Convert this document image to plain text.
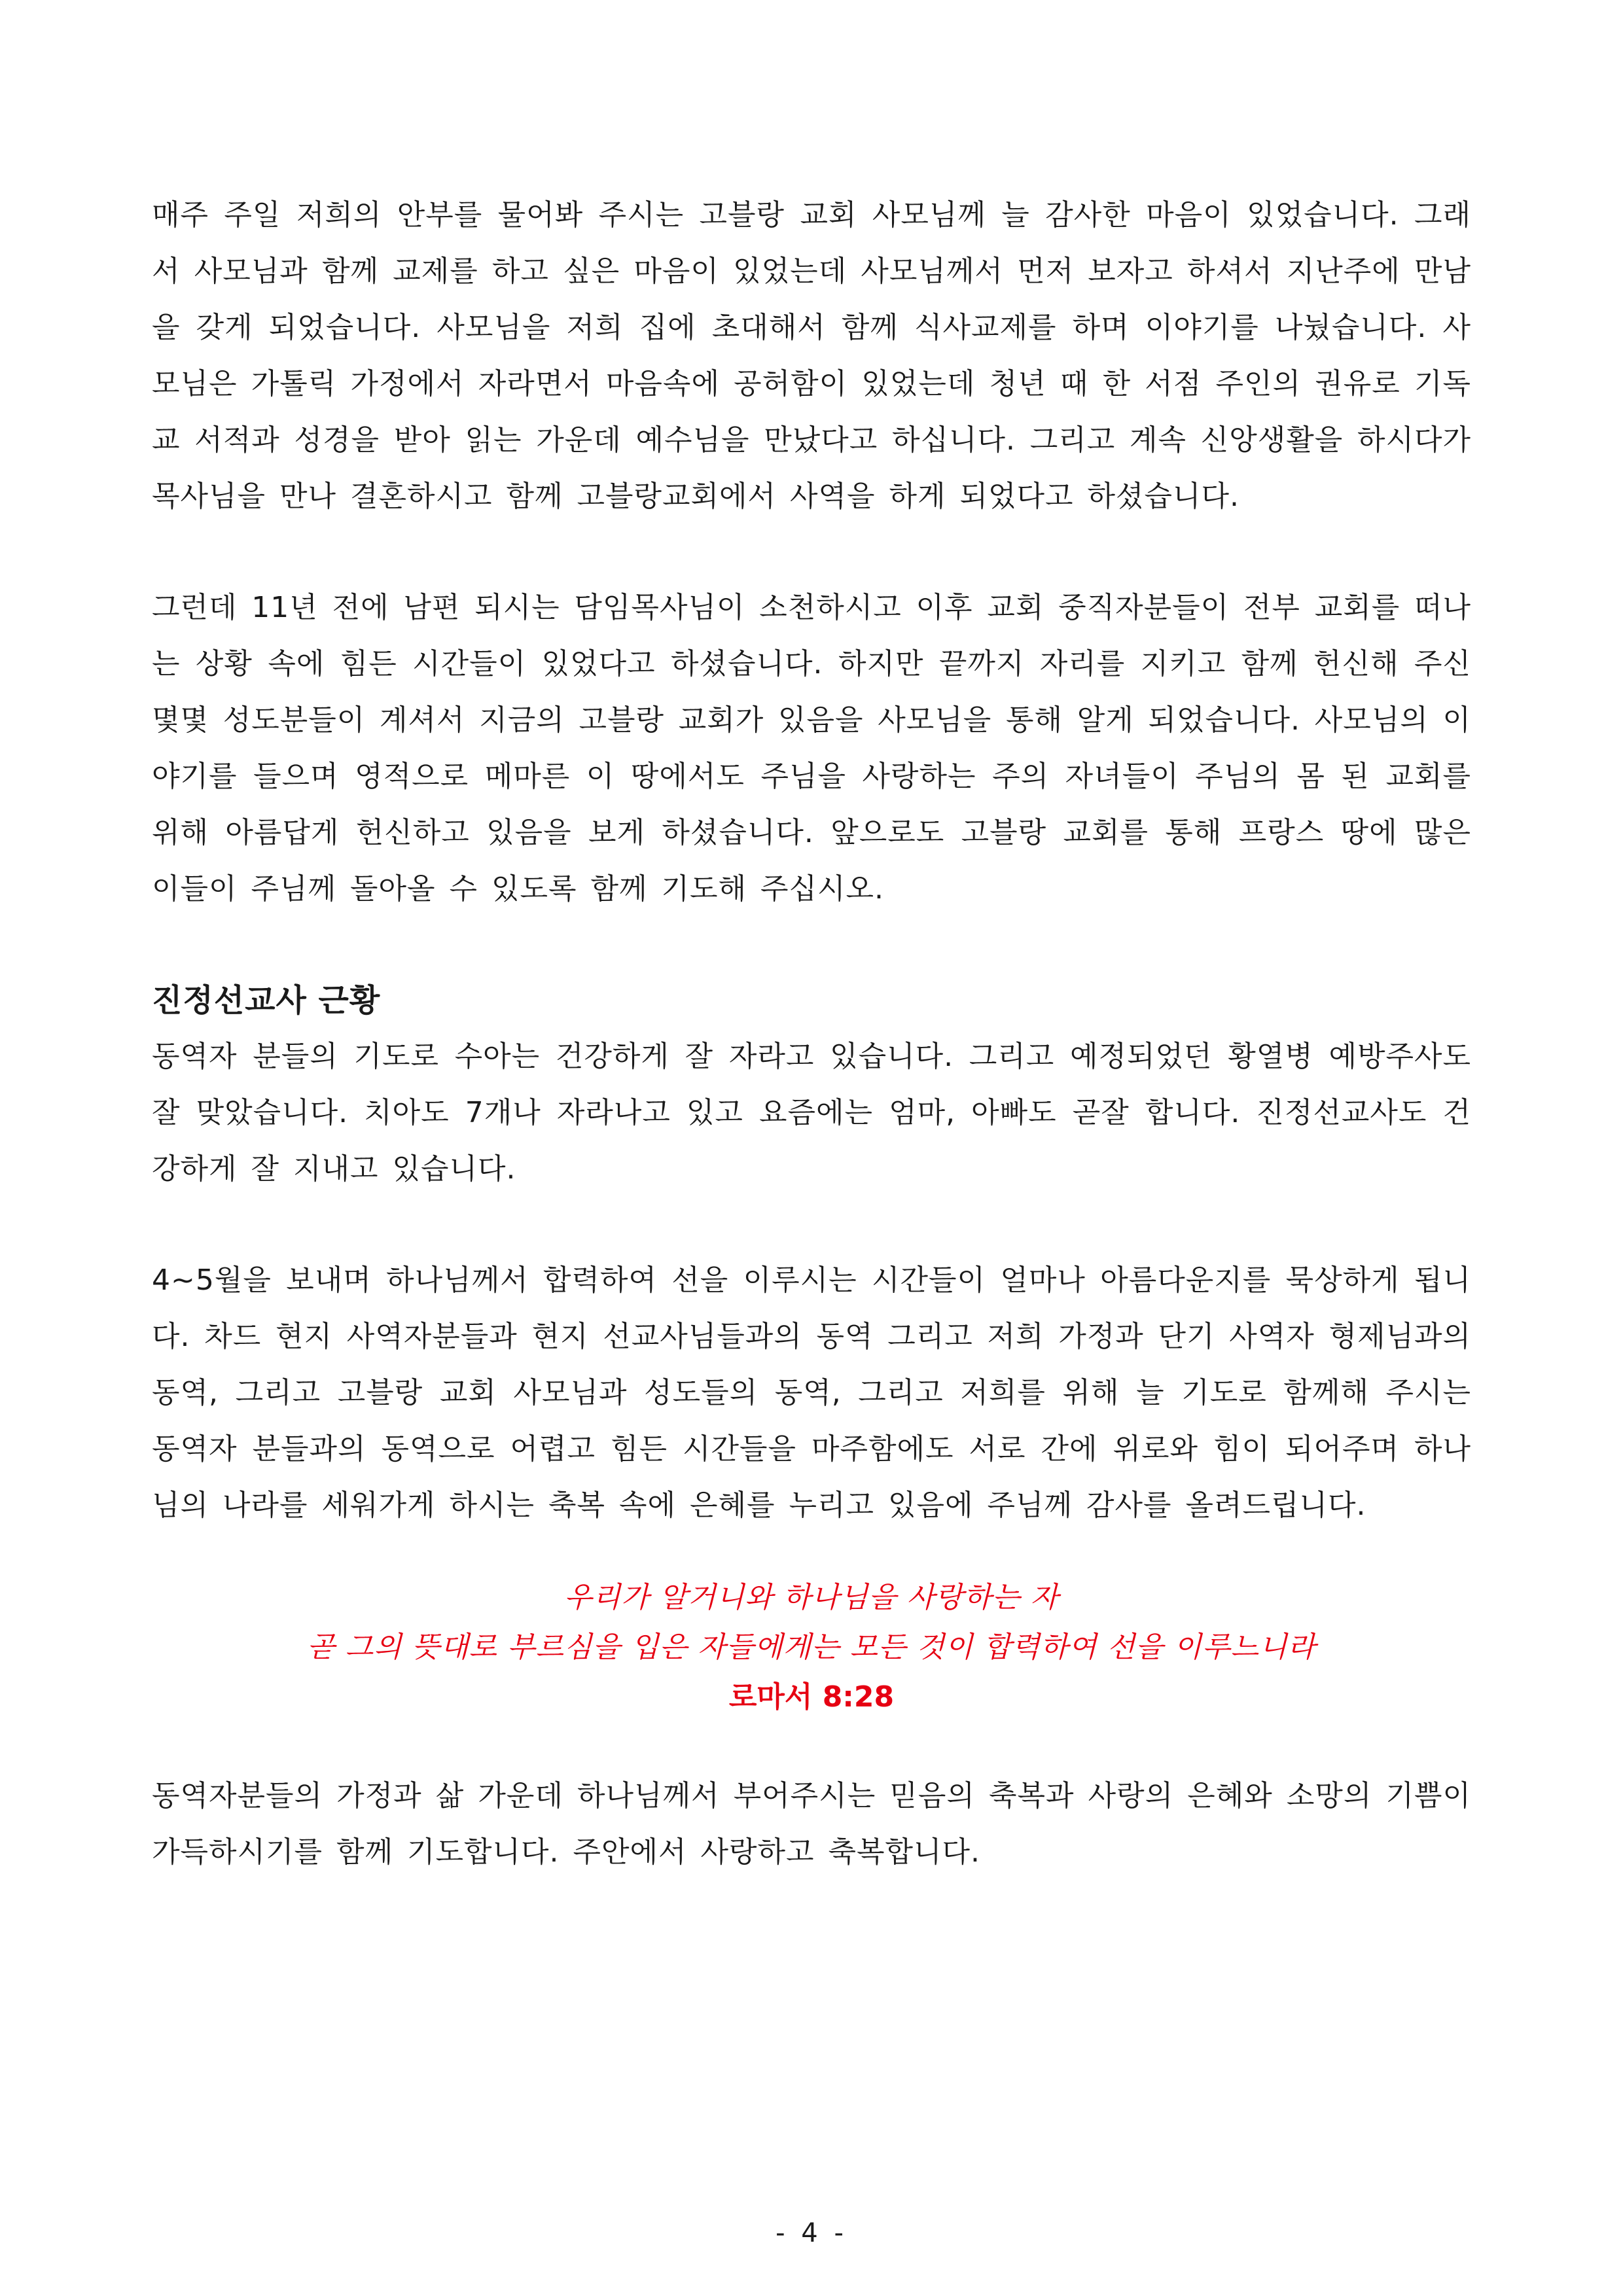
매주 주일 저희의 안부를 물어봐 주시는 고블랑 교회 사모님께 늘 감사한 마음이 있었습니다. 그래서 사모님과 함께 교제를 하고 싶은 마음이 있었는데 사모님께서 먼저 보자고 하셔서 지난주에 만남을 갖게 되었습니다. 사모님을 저희 집에 초대해서 함께 식사교제를 하며 이야기를 나눴습니다. 사모님은 가톨릭 가정에서 자라면서 마음속에 공허함이 있었는데 청년 때 한 서점 주인의 권유로 기독교 서적과 성경을 받아 읽는 가운데 예수님을 만났다고 하십니다. 그리고 계속 신앙생활을 하시다가 목사님을 만나 결혼하시고 함께 고블랑교회에서 사역을 하게 되었다고 하셨습니다.

그런데 11년 전에 남편 되시는 담임목사님이 소천하시고 이후 교회 중직자분들이 전부 교회를 떠나는 상황 속에 힘든 시간들이 있었다고 하셨습니다. 하지만 끝까지 자리를 지키고 함께 헌신해 주신 몇몇 성도분들이 계셔서 지금의 고블랑 교회가 있음을 사모님을 통해 알게 되었습니다. 사모님의 이야기를 들으며 영적으로 메마른 이 땅에서도 주님을 사랑하는 주의 자녀들이 주님의 몸 된 교회를 위해 아름답게 헌신하고 있음을 보게 하셨습니다. 앞으로도 고블랑 교회를 통해 프랑스 땅에 많은 이들이 주님께 돌아올 수 있도록 함께 기도해 주십시오.

진정선교사 근황

동역자 분들의 기도로 수아는 건강하게 잘 자라고 있습니다. 그리고 예정되었던 황열병 예방주사도 잘 맞았습니다. 치아도 7개나 자라나고 있고 요즘에는 엄마, 아빠도 곧잘 합니다. 진정선교사도 건강하게 잘 지내고 있습니다.

4~5월을 보내며 하나님께서 합력하여 선을 이루시는 시간들이 얼마나 아름다운지를 묵상하게 됩니다. 차드 현지 사역자분들과 현지 선교사님들과의 동역 그리고 저희 가정과 단기 사역자 형제님과의 동역, 그리고 고블랑 교회 사모님과 성도들의 동역, 그리고 저희를 위해 늘 기도로 함께해 주시는 동역자 분들과의 동역으로 어렵고 힘든 시간들을 마주함에도 서로 간에 위로와 힘이 되어주며 하나님의 나라를 세워가게 하시는 축복 속에 은혜를 누리고 있음에 주님께 감사를 올려드립니다.

우리가 알거니와 하나님을 사랑하는 자

곧 그의 뜻대로 부르심을 입은 자들에게는 모든 것이 합력하여 선을 이루느니라

로마서 8:28

동역자분들의 가정과 삶 가운데 하나님께서 부어주시는 믿음의 축복과 사랑의 은혜와 소망의 기쁨이 가득하시기를 함께 기도합니다. 주안에서 사랑하고 축복합니다.

- 4 -
